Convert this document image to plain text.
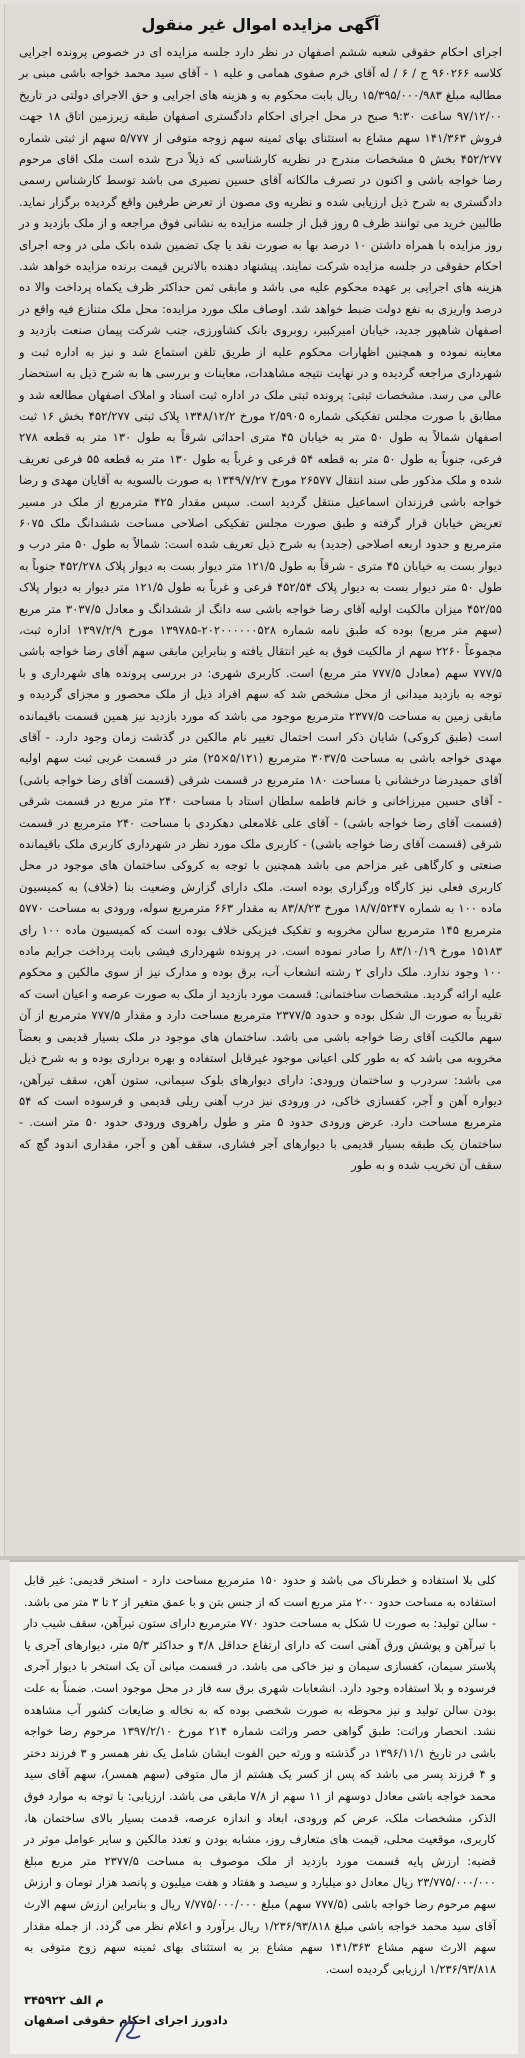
آگهی مزایده اموال غیر منقول

اجرای احکام حقوقی شعبه ششم اصفهان در نظر دارد جلسه مزایده ای در خصوص پرونده اجرایی کلاسه ۹۶۰۲۶۶ ج / ۶ / له آقای خرم صفوی همامی و علیه ۱ - آقای سید محمد خواجه باشی مبنی بر مطالبه مبلغ ۱۵/۳۹۵/۰۰۰/۹۸۳ ریال بابت محکوم به و هزینه های اجرایی و حق الاجرای دولتی در تاریخ ۹۷/۱۲/۰۰ ساعت ۹:۳۰ صبح در محل اجرای احکام دادگستری اصفهان طبقه زیرزمین اتاق ۱۸ جهت فروش ۱۴۱/۳۶۳ سهم مشاع به استثنای بهای ثمینه سهم زوجه متوفی از ۵/۷۷۷ سهم از ثبتی شماره ۴۵۲/۲۷۷ بخش ۵ مشخصات مندرج در نظریه کارشناسی که ذیلاً درج شده است ملک اقای مرحوم رضا خواجه باشی و اکنون در تصرف مالکانه آقای حسین نصیری می باشد توسط کارشناس رسمی دادگستری به شرح ذیل ارزیابی شده و نظریه وی مصون از تعرض طرفین واقع گردیده برگزار نماید. طالبین خرید می توانند ظرف ۵ روز قبل از جلسه مزایده به نشانی فوق مراجعه و از ملک بازدید و در روز مزایده با همراه داشتن ۱۰ درصد بها به صورت نقد یا چک تضمین شده بانک ملی در وجه اجرای احکام حقوقی در جلسه مزایده شرکت نمایند. پیشنهاد دهنده بالاترین قیمت برنده مزایده خواهد شد. هزینه های اجرایی بر عهده محکوم علیه می باشد و مابقی ثمن حداکثر ظرف یکماه پرداخت والا ده درصد واریزی به نفع دولت ضبط خواهد شد. اوصاف ملک مورد مزایده: محل ملک متنازع فیه واقع در اصفهان شاهپور جدید، خیابان امیرکبیر، روبروی بانک کشاورزی، جنب شرکت پیمان صنعت بازدید و معاینه نموده و همچنین اظهارات محکوم علیه از طریق تلفن استماع شد و نیز به اداره ثبت و شهرداری مراجعه گردیده و در نهایت نتیجه مشاهدات، معاینات و بررسی ها به شرح ذیل به استحضار عالی می رسد. مشخصات ثبتی: پرونده ثبتی ملک در اداره ثبت اسناد و املاک اصفهان مطالعه شد و مطابق با صورت مجلس تفکیکی شماره ۲/۵۹۰۵ مورخ ۱۳۴۸/۱۲/۲ پلاک ثبتی ۴۵۲/۲۷۷ بخش ۱۶ ثبت اصفهان شمالاً به طول ۵۰ متر به خیابان ۴۵ متری احداثی شرقاً به طول ۱۳۰ متر به قطعه ۲۷۸ فرعی، جنوباً به طول ۵۰ متر به قطعه ۵۴ فرعی و غرباً به طول ۱۳۰ متر به قطعه ۵۵ فرعی تعریف شده و ملک مذکور طی سند انتقال ۲۶۵۷۷ مورخ ۱۳۴۹/۷/۲۷ به صورت بالسویه به آقایان مهدی و رضا خواجه باشی فرزندان اسماعیل منتقل گردید است. سپس مقدار ۴۲۵ مترمربع از ملک در مسیر تعریض خیابان قرار گرفته و طبق صورت مجلس تفکیکی اصلاحی مساحت ششدانگ ملک ۶۰۷۵ مترمربع و حدود اربعه اصلاحی (جدید) به شرح ذیل تعریف شده است: شمالاً به طول ۵۰ متر درب و دیوار بست به خیابان ۴۵ متری - شرقاً به طول ۱۲۱/۵ متر دیوار بست به دیوار پلاک ۴۵۲/۲۷۸ جنوباً به طول ۵۰ متر دیوار بست به دیوار پلاک ۴۵۲/۵۴ فرعی و غرباً به طول ۱۲۱/۵ متر دیوار به دیوار پلاک ۴۵۲/۵۵ میزان مالکیت اولیه آقای رضا خواجه باشی سه دانگ از ششدانگ و معادل ۳۰۳۷/۵ متر مربع (سهم متر مربع) بوده که طبق نامه شماره ۲۰۲۰۰۰۰۰۰۵۲۸-۱۳۹۷۸۵ مورخ ۱۳۹۷/۲/۹ اداره ثبت، مجموعاً ۲۲۶۰ سهم از مالکیت فوق به غیر انتقال یافته و بنابراین مابقی سهم آقای رضا خواجه باشی ۷۷۷/۵ سهم (معادل ۷۷۷/۵ متر مربع) است. کاربری شهری: در بررسی پرونده های شهرداری و با توجه به بازدید میدانی از محل مشخص شد که سهم افراد ذیل از ملک محصور و مجزای گردیده و مابقی زمین به مساحت ۲۳۷۷/۵ مترمربع موجود می باشد که مورد بازدید نیز همین قسمت باقیمانده است (طبق کروکی) شایان ذکر است احتمال تغییر نام مالکین در گذشت زمان وجود دارد. - آقای مهدی خواجه باشی به مساحت ۳۰۳۷/۵ مترمربع (۵/۱۲۱×۲۵) متر در قسمت غربی ثبت سهم اولیه آقای حمیدرضا درخشانی با مساحت ۱۸۰ مترمربع در قسمت شرقی (قسمت آقای رضا خواجه باشی) - آقای حسین میرزاخانی و خانم فاطمه سلطان استاد با مساحت ۲۴۰ متر مربع در قسمت شرقی (قسمت آقای رضا خواجه باشی) - آقای علی غلامعلی دهکردی با مساحت ۲۴۰ مترمربع در قسمت شرقی (قسمت آقای رضا خواجه باشی) - کاربری ملک مورد نظر در شهرداری کاربری ملک باقیمانده صنعتی و کارگاهی غیر مزاحم می باشد همچنین با توجه به کروکی ساختمان های موجود در محل کاربری فعلی نیز کارگاه ورگزاری بوده است. ملک دارای گزارش وضعیت بنا (خلاف) به کمیسیون ماده ۱۰۰ به شماره ۱۸/۷/۵۲۴۷ مورخ ۸۳/۸/۲۳ به مقدار ۶۶۳ مترمربع سوله، ورودی به مساحت ۵۷۷۰ مترمربع ۱۴۵ مترمربع سالن مخروبه و تفکیک فیزیکی خلاف بوده است که کمیسیون ماده ۱۰۰ رای ۱۵۱۸۳ مورخ ۸۳/۱۰/۱۹ را صادر نموده است. در پرونده شهرداری فیشی بابت پرداخت جرایم ماده ۱۰۰ وجود ندارد. ملک دارای ۲ رشته انشعاب آب، برق بوده و مدارک نیز از سوی مالکین و محکوم علیه ارائه گردید. مشخصات ساختمانی: قسمت مورد بازدید از ملک به صورت عرصه و اعیان است که تقریباً به صورت ال شکل بوده و حدود ۲۳۷۷/۵ مترمربع مساحت دارد و مقدار ۷۷۷/۵ مترمربع از آن سهم مالکیت آقای رضا خواجه باشی می باشد. ساختمان های موجود در ملک بسیار قدیمی و بعضاً مخروبه می باشد که به طور کلی اعیانی موجود غیرقابل استفاده و بهره برداری بوده و به شرح ذیل می باشد: سردرب و ساختمان ورودی: دارای دیوارهای بلوک سیمانی، ستون آهن، سقف تیرآهن، دیواره آهن و آجر، کفسازی خاکی، در ورودی نیز درب آهنی ریلی قدیمی و فرسوده است که ۵۴ مترمربع مساحت دارد. عرض ورودی حدود ۵ متر و طول راهروی ورودی حدود ۵۰ متر است. - ساختمان یک طبقه بسیار قدیمی با دیوارهای آجر فشاری، سقف آهن و آجر، مقداری اندود گچ که سقف آن تخریب شده و به طور

کلی بلا استفاده و خطرناک می باشد و حدود ۱۵۰ مترمربع مساحت دارد - استخر قدیمی: غیر قابل استفاده به مساحت حدود ۲۰۰ متر مربع است که از جنس بتن و با عمق متغیر از ۲ تا ۳ متر می باشد. - سالن تولید: به صورت U شکل به مساحت حدود ۷۷۰ مترمربع دارای ستون تیرآهن، سقف شیب دار با تیرآهن و پوشش ورق آهنی است که دارای ارتفاع حداقل ۴/۸ و حداکثر ۵/۳ متر، دیوارهای آجری یا پلاستر سیمان، کفسازی سیمان و نیز خاکی می باشد. در قسمت میانی آن یک استخر با دیوار آجری فرسوده و بلا استفاده وجود دارد. انشعابات شهری برق سه فاز در محل موجود است. ضمناً به علت بودن سالن تولید و نیز محوطه به صورت شخصی بوده که به نخاله و ضایعات کشور آب مشاهده نشد. انحصار وراثت: طبق گواهی حصر وراثت شماره ۲۱۴ مورخ ۱۳۹۷/۲/۱۰ مرحوم رضا خواجه باشی در تاریخ ۱۳۹۶/۱۱/۱ در گذشته و ورثه حین الفوت ایشان شامل یک نفر همسر و ۳ فرزند دختر و ۴ فرزند پسر می باشد که پس از کسر یک هشتم از مال متوفی (سهم همسر)، سهم آقای سید محمد خواجه باشی معادل دوسهم از ۱۱ سهم از ۷/۸ مابقی می باشد. ارزیابی: با توجه به موارد فوق الذکر، مشخصات ملک، عرض کم ورودی، ابعاد و اندازه عرصه، قدمت بسیار بالای ساختمان ها، کاربری، موقعیت محلی، قیمت های متعارف روز، مشابه بودن و تعدد مالکین و سایر عوامل موثر در قضیه: ارزش پایه قسمت مورد بازدید از ملک موصوف به مساحت ۲۳۷۷/۵ متر مربع مبلغ ۲۳/۷۷۵/۰۰۰/۰۰۰ ریال معادل دو میلیارد و سیصد و هفتاد و هفت میلیون و پانصد هزار تومان و ارزش سهم مرحوم رضا خواجه باشی (۷۷۷/۵ سهم) مبلغ ۷/۷۷۵/۰۰۰/۰۰۰ ریال و بنابراین ارزش سهم الارث آقای سید محمد خواجه باشی مبلغ ۱/۲۳۶/۹۳/۸۱۸ ریال برآورد و اعلام نظر می گردد. از جمله مقدار سهم الارث سهم مشاع ۱۴۱/۳۶۳ سهم مشاع بر به استثنای بهای ثمینه سهم زوج متوفی به ۱/۲۳۶/۹۳/۸۱۸ ارزیابی گردیده است.

م الف ۳۴۵۹۲۲
دادورز اجرای احکام حقوقی اصفهان
